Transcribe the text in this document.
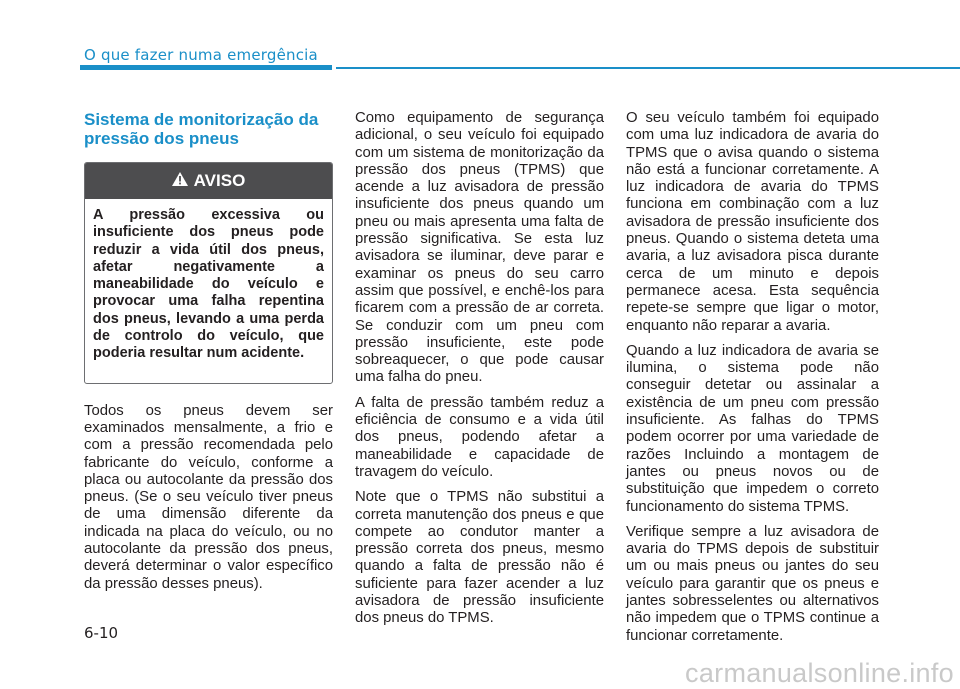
O que fazer numa emergência
Sistema de monitorização da pressão dos pneus
AVISO

A pressão excessiva ou insuficiente dos pneus pode reduzir a vida útil dos pneus, afetar negativamente a maneabilidade do veículo e provocar uma falha repentina dos pneus, levando a uma perda de controlo do veículo, que poderia resultar num acidente.

Todos os pneus devem ser examinados mensalmente, a frio e com a pressão recomendada pelo fabricante do veículo, conforme a placa ou autocolante da pressão dos pneus. (Se o seu veículo tiver pneus de uma dimensão diferente da indicada na placa do veículo, ou no autocolante da pressão dos pneus, deverá determinar o valor específico da pressão desses pneus).

Como equipamento de segurança adicional, o seu veículo foi equipado com um sistema de monitorização da pressão dos pneus (TPMS) que acende a luz avisadora de pressão insuficiente dos pneus quando um pneu ou mais apresenta uma falta de pressão significativa. Se esta luz avisadora se iluminar, deve parar e examinar os pneus do seu carro assim que possível, e enchê-los para ficarem com a pressão de ar correta. Se conduzir com um pneu com pressão insuficiente, este pode sobreaquecer, o que pode causar uma falha do pneu.

A falta de pressão também reduz a eficiência de consumo e a vida útil dos pneus, podendo afetar a maneabilidade e capacidade de travagem do veículo.

Note que o TPMS não substitui a correta manutenção dos pneus e que compete ao condutor manter a pressão correta dos pneus, mesmo quando a falta de pressão não é suficiente para fazer acender a luz avisadora de pressão insuficiente dos pneus do TPMS.

O seu veículo também foi equipado com uma luz indicadora de avaria do TPMS que o avisa quando o sistema não está a funcionar corretamente. A luz indicadora de avaria do TPMS funciona em combinação com a luz avisadora de pressão insuficiente dos pneus. Quando o sistema deteta uma avaria, a luz avisadora pisca durante cerca de um minuto e depois permanece acesa. Esta sequência repete-se sempre que ligar o motor, enquanto não reparar a avaria.

Quando a luz indicadora de avaria se ilumina, o sistema pode não conseguir detetar ou assinalar a existência de um pneu com pressão insuficiente. As falhas do TPMS podem ocorrer por uma variedade de razões Incluindo a montagem de jantes ou pneus novos ou de substituição que impedem o correto funcionamento do sistema TPMS.

Verifique sempre a luz avisadora de avaria do TPMS depois de substituir um ou mais pneus ou jantes do seu veículo para garantir que os pneus e jantes sobresselentes ou alternativos não impedem que o TPMS continue a funcionar corretamente.

6-10
carmanualsonline.info
